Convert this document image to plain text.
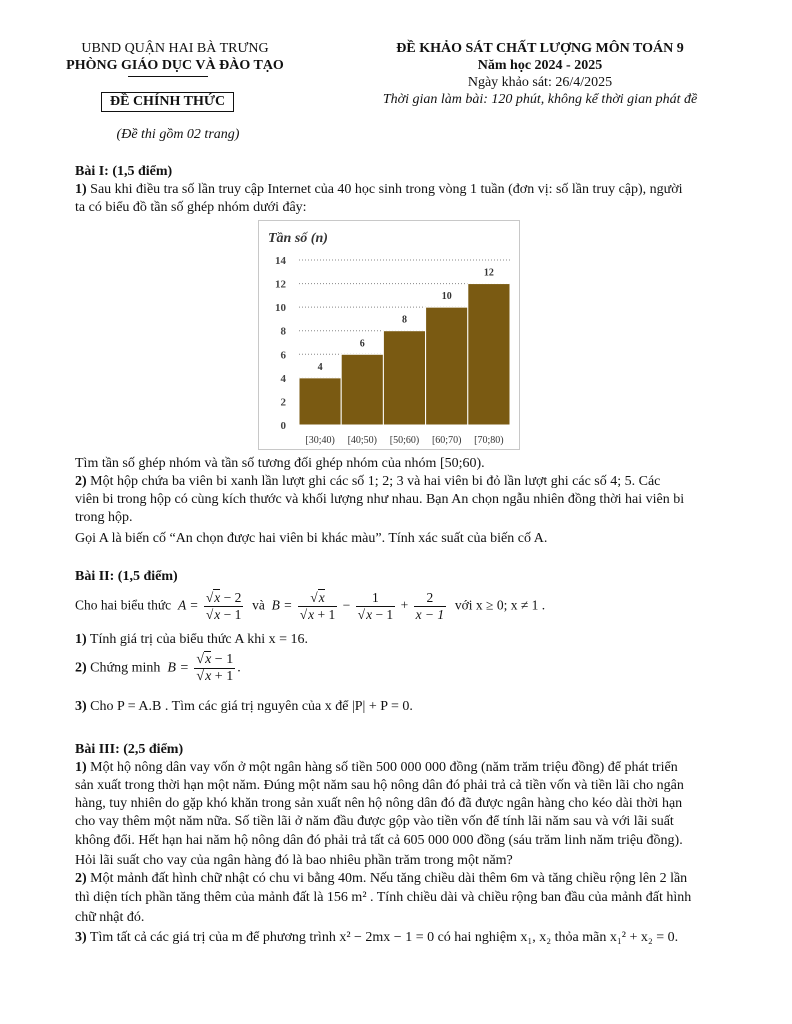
UBND QUẬN HAI BÀ TRƯNG
PHÒNG GIÁO DỤC VÀ ĐÀO TẠO
ĐỀ CHÍNH THỨC
(Đề thi gồm 02 trang)
ĐỀ KHẢO SÁT CHẤT LƯỢNG MÔN TOÁN 9
Năm học 2024 - 2025
Ngày khảo sát: 26/4/2025
Thời gian làm bài: 120 phút, không kể thời gian phát đề
Bài I: (1,5 điểm)
1) Sau khi điều tra số lần truy cập Internet của 40 học sinh trong vòng 1 tuần (đơn vị: số lần truy cập), người
ta có biểu đồ tần số ghép nhóm dưới đây:
Tần số (n)
0
2
4
6
8
10
12
14
[30;40) [40;50) [50;60) [60;70) [70;80)
4
6
8
10
12
Tìm tần số ghép nhóm và tần số tương đối ghép nhóm của nhóm [50;60).
2) Một hộp chứa ba viên bi xanh lần lượt ghi các số 1; 2; 3 và hai viên bi đỏ lần lượt ghi các số 4; 5. Các
viên bi trong hộp có cùng kích thước và khối lượng như nhau. Bạn An chọn ngẫu nhiên đồng thời hai viên bi
trong hộp.
Gọi A là biến cố “An chọn được hai viên bi khác màu”. Tính xác suất của biến cố A.
Bài II: (1,5 điểm)
Cho hai biểu thức $A = \frac{√x - 2}{√x - 1}$ và $B = \frac{√x}{√x + 1} - \frac{1}{√x - 1} + \frac{2}{x - 1}$ với x ≥ 0; x ≠ 1 .
1) Tính giá trị của biểu thức A khi x = 16.
2) Chứng minh $B = \frac{√x - 1}{√x + 1}$ .
3) Cho P = A.B . Tìm các giá trị nguyên của x để |P| + P = 0.
Bài III: (2,5 điểm)
1) Một hộ nông dân vay vốn ở một ngân hàng số tiền 500 000 000 đồng (năm trăm triệu đồng) để phát triển
sản xuất trong thời hạn một năm. Đúng một năm sau hộ nông dân đó phải trả cả tiền vốn và tiền lãi cho ngân
hàng, tuy nhiên do gặp khó khăn trong sản xuất nên hộ nông dân đó đã được ngân hàng cho kéo dài thời hạn
cho vay thêm một năm nữa. Số tiền lãi ở năm đầu được gộp vào tiền vốn để tính lãi năm sau và với lãi suất
không đổi. Hết hạn hai năm hộ nông dân đó phải trả tất cả 605 000 000 đồng (sáu trăm linh năm triệu đồng).
Hỏi lãi suất cho vay của ngân hàng đó là bao nhiêu phần trăm trong một năm?
2) Một mảnh đất hình chữ nhật có chu vi bằng 40m. Nếu tăng chiều dài thêm 6m và tăng chiều rộng lên 2 lần
thì diện tích phần tăng thêm của mảnh đất là 156 m² . Tính chiều dài và chiều rộng ban đầu của mảnh đất hình
chữ nhật đó.
3) Tìm tất cả các giá trị của m để phương trình x² − 2mx − 1 = 0 có hai nghiệm x₁, x₂ thỏa mãn x₁² + x₂ = 0.
